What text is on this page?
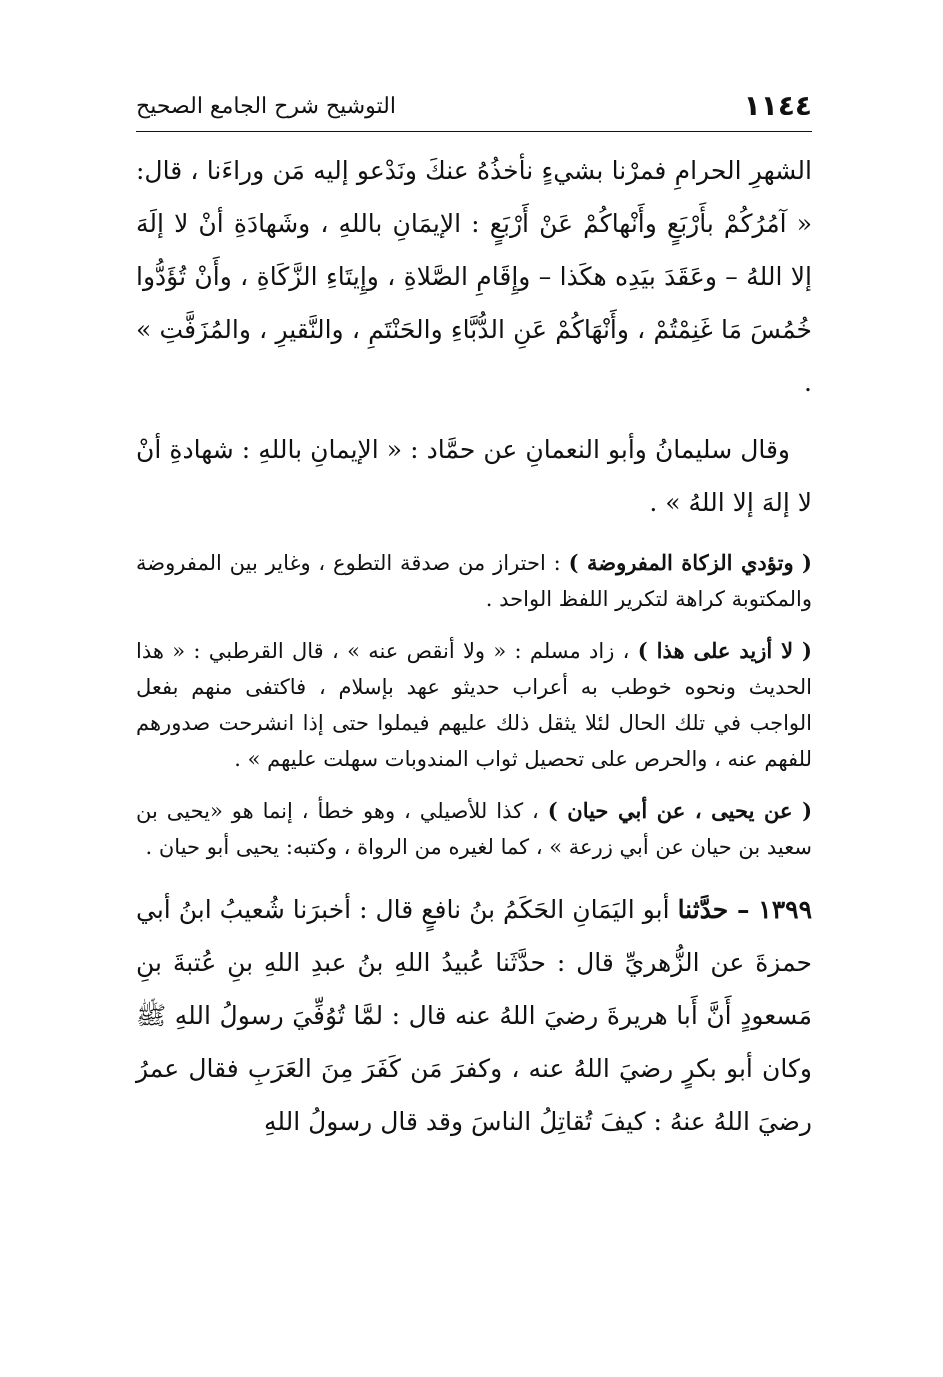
١١٤٤
التوشيح شرح الجامع الصحيح

الشهرِ الحرامِ فمرْنا بشيءٍ نأخذُهُ عنكَ ونَدْعو إليه مَن وراءَنا ، قال: « آمُرُكُمْ بأَرْبَعٍ وأَنْهاكُمْ عَنْ أَرْبَعٍ : الإيمَانِ باللهِ ، وشَهادَةِ أنْ لا إلَهَ إلا اللهُ – وعَقَدَ بيَدِه هكَذا – وإِقَامِ الصَّلاةِ ، وإِيتَاءِ الزَّكَاةِ ، وأَنْ تُؤَدُّوا خُمُسَ مَا غَنِمْتُمْ ، وأَنْهَاكُمْ عَنِ الدُّبَّاءِ والحَنْتَمِ ، والنَّقيرِ ، والمُزَفَّتِ » .

وقال سليمانُ وأبو النعمانِ عن حمَّاد : « الإيمانِ باللهِ : شهادةِ أنْ لا إلهَ إلا اللهُ » .

( وتؤدي الزكاة المفروضة ) : احتراز من صدقة التطوع ، وغاير بين المفروضة والمكتوبة كراهة لتكرير اللفظ الواحد .

( لا أزيد على هذا ) ، زاد مسلم : « ولا أنقص عنه » ، قال القرطبي : « هذا الحديث ونحوه خوطب به أعراب حديثو عهد بإسلام ، فاكتفى منهم بفعل الواجب في تلك الحال لئلا يثقل ذلك عليهم فيملوا حتى إذا انشرحت صدورهم للفهم عنه ، والحرص على تحصيل ثواب المندوبات سهلت عليهم » .

( عن يحيى ، عن أبي حيان ) ، كذا للأصيلي ، وهو خطأ ، إنما هو «يحيى بن سعيد بن حيان عن أبي زرعة » ، كما لغيره من الرواة ، وكتبه: يحيى أبو حيان .

١٣٩٩ – حدَّثنا أبو اليَمَانِ الحَكَمُ بنُ نافعٍ قال : أخبرَنا شُعيبُ ابنُ أبي حمزةَ عن الزُّهريِّ قال : حدَّثَنا عُبيدُ اللهِ بنُ عبدِ اللهِ بنِ عُتبةَ بنِ مَسعودٍ أَنَّ أَبا هريرةَ رضيَ اللهُ عنه قال : لمَّا تُوُفِّيَ رسولُ اللهِ ﷺ وكان أبو بكرٍ رضيَ اللهُ عنه ، وكفرَ مَن كَفَرَ مِنَ العَرَبِ فقال عمرُ رضيَ اللهُ عنهُ : كيفَ تُقاتِلُ الناسَ وقد قال رسولُ اللهِ
